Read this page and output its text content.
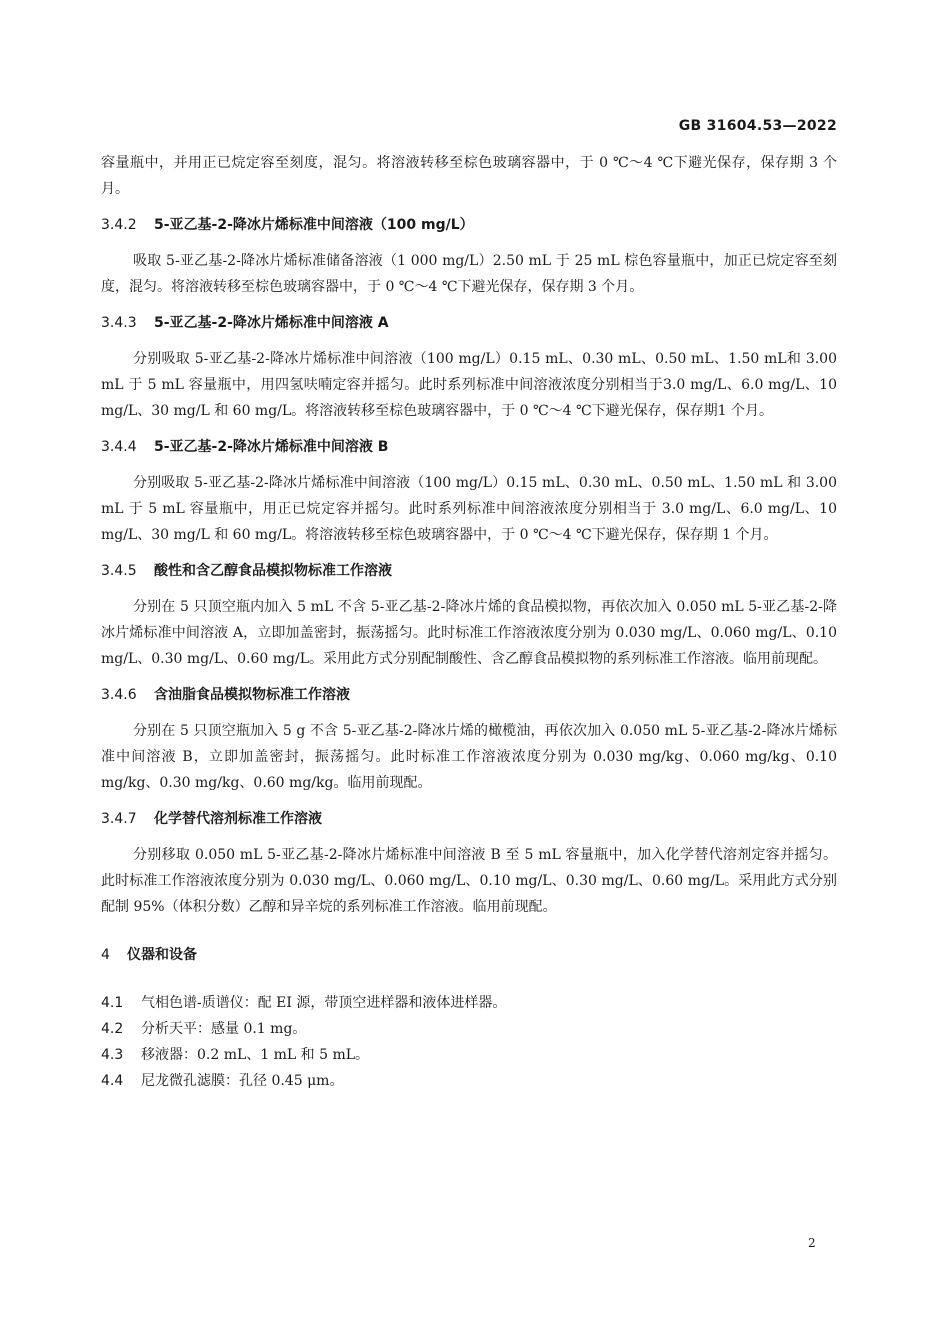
GB 31604.53—2022

容量瓶中，并用正已烷定容至刻度，混匀。将溶液转移至棕色玻璃容器中，于 0 ℃～4 ℃下避光保存，保存期 3 个月。

3.4.2 5-亚乙基-2-降冰片烯标准中间溶液（100 mg/L）

吸取 5-亚乙基-2-降冰片烯标准储备溶液（1 000 mg/L）2.50 mL 于 25 mL 棕色容量瓶中，加正已烷定容至刻度，混匀。将溶液转移至棕色玻璃容器中，于 0 ℃～4 ℃下避光保存，保存期 3 个月。

3.4.3 5-亚乙基-2-降冰片烯标准中间溶液 A

分别吸取 5-亚乙基-2-降冰片烯标准中间溶液（100 mg/L）0.15 mL、0.30 mL、0.50 mL、1.50 mL和 3.00 mL 于 5 mL 容量瓶中，用四氢呋喃定容并摇匀。此时系列标准中间溶液浓度分别相当于3.0 mg/L、6.0 mg/L、10 mg/L、30 mg/L 和 60 mg/L。将溶液转移至棕色玻璃容器中，于 0 ℃～4 ℃下避光保存，保存期1 个月。

3.4.4 5-亚乙基-2-降冰片烯标准中间溶液 B

分别吸取 5-亚乙基-2-降冰片烯标准中间溶液（100 mg/L）0.15 mL、0.30 mL、0.50 mL、1.50 mL 和 3.00 mL 于 5 mL 容量瓶中，用正已烷定容并摇匀。此时系列标准中间溶液浓度分别相当于 3.0 mg/L、6.0 mg/L、10 mg/L、30 mg/L 和 60 mg/L。将溶液转移至棕色玻璃容器中，于 0 ℃～4 ℃下避光保存，保存期 1 个月。

3.4.5 酸性和含乙醇食品模拟物标准工作溶液

分别在 5 只顶空瓶内加入 5 mL 不含 5-亚乙基-2-降冰片烯的食品模拟物，再依次加入 0.050 mL 5-亚乙基-2-降冰片烯标准中间溶液 A，立即加盖密封，振荡摇匀。此时标准工作溶液浓度分别为 0.030 mg/L、0.060 mg/L、0.10 mg/L、0.30 mg/L、0.60 mg/L。采用此方式分别配制酸性、含乙醇食品模拟物的系列标准工作溶液。临用前现配。

3.4.6 含油脂食品模拟物标准工作溶液

分别在 5 只顶空瓶加入 5 g 不含 5-亚乙基-2-降冰片烯的橄榄油，再依次加入 0.050 mL 5-亚乙基-2-降冰片烯标准中间溶液 B，立即加盖密封，振荡摇匀。此时标准工作溶液浓度分别为 0.030 mg/kg、0.060 mg/kg、0.10 mg/kg、0.30 mg/kg、0.60 mg/kg。临用前现配。

3.4.7 化学替代溶剂标准工作溶液

分别移取 0.050 mL 5-亚乙基-2-降冰片烯标准中间溶液 B 至 5 mL 容量瓶中，加入化学替代溶剂定容并摇匀。此时标准工作溶液浓度分别为 0.030 mg/L、0.060 mg/L、0.10 mg/L、0.30 mg/L、0.60 mg/L。采用此方式分别配制 95%（体积分数）乙醇和异辛烷的系列标准工作溶液。临用前现配。

4 仪器和设备
4.1 气相色谱-质谱仪：配 EI 源，带顶空进样器和液体进样器。
4.2 分析天平：感量 0.1 mg。
4.3 移液器：0.2 mL、1 mL 和 5 mL。
4.4 尼龙微孔滤膜：孔径 0.45 μm。
2
